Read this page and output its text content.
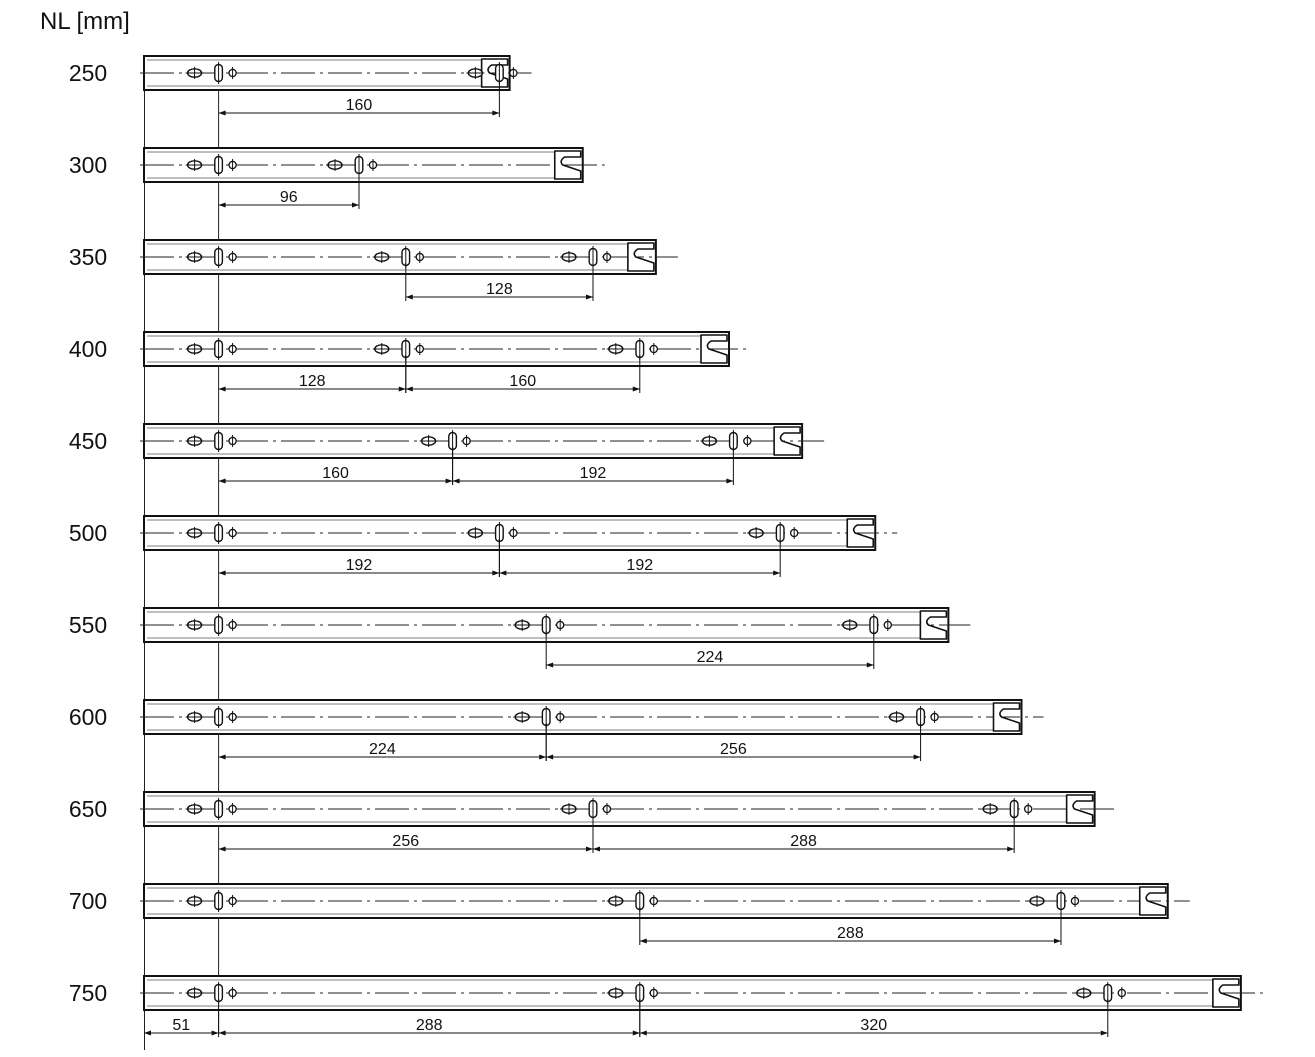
NL [mm]
250
160
300
96
350
128
400
128	160
450
160	192
500
192	192
550
224
600
224	256
650
256	288
700
288
750
51	288	320
